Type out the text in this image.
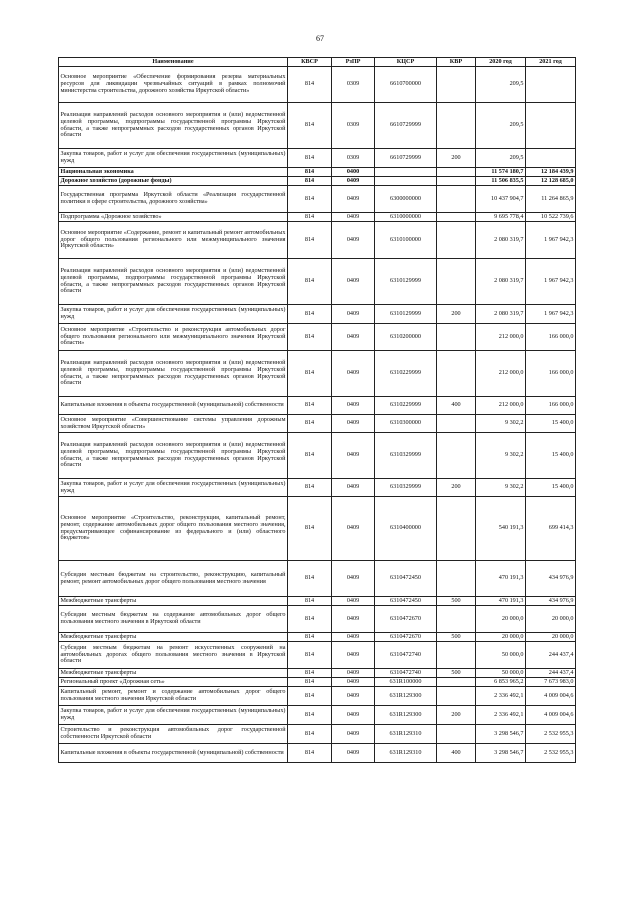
67
Наименование	КВСР	РзПР	КЦСР	КВР	2020 год	2021 год
Основное мероприятие «Обеспечение формирования резерва материальных ресурсов для ликвидации чрезвычайных ситуаций в рамках полномочий министерства строительства, дорожного хозяйства Иркутской области»	814	0309	6610700000		209,5	
Реализация направлений расходов основного мероприятия и (или) ведомственной целевой программы, подпрограммы государственной программы Иркутской области, а также непрограммных расходов государственных органов Иркутской области	814	0309	6610729999		209,5	
Закупка товаров, работ и услуг для обеспечения государственных (муниципальных) нужд	814	0309	6610729999	200	209,5	
Национальная экономика	814	0400			11 574 180,7	12 184 439,9
Дорожное хозяйство (дорожные фонды)	814	0409			11 506 835,5	12 128 685,0
Государственная программа Иркутской области «Реализация государственной политики в сфере строительства, дорожного хозяйства»	814	0409	6300000000		10 437 904,7	11 264 865,9
Подпрограмма «Дорожное хозяйство»	814	0409	6310000000		9 695 778,4	10 522 739,6
Основное мероприятие «Содержание, ремонт и капитальный ремонт автомобильных дорог общего пользования регионального или межмуниципального значения Иркутской области»	814	0409	6310100000		2 080 319,7	1 967 942,3
Реализация направлений расходов основного мероприятия и (или) ведомственной целевой программы, подпрограммы государственной программы Иркутской области, а также непрограммных расходов государственных органов Иркутской области	814	0409	6310129999		2 080 319,7	1 967 942,3
Закупка товаров, работ и услуг для обеспечения государственных (муниципальных) нужд	814	0409	6310129999	200	2 080 319,7	1 967 942,3
Основное мероприятие «Строительство и реконструкция автомобильных дорог общего пользования регионального или межмуниципального значения Иркутской области»	814	0409	6310200000		212 000,0	166 000,0
Реализация направлений расходов основного мероприятия и (или) ведомственной целевой программы, подпрограммы государственной программы Иркутской области, а также непрограммных расходов государственных органов Иркутской области	814	0409	6310229999		212 000,0	166 000,0
Капитальные вложения в объекты государственной (муниципальной) собственности	814	0409	6310229999	400	212 000,0	166 000,0
Основное мероприятие «Совершенствование системы управления дорожным хозяйством Иркутской области»	814	0409	6310300000		9 302,2	15 400,0
Реализация направлений расходов основного мероприятия и (или) ведомственной целевой программы, подпрограммы государственной программы Иркутской области, а также непрограммных расходов государственных органов Иркутской области	814	0409	6310329999		9 302,2	15 400,0
Закупка товаров, работ и услуг для обеспечения государственных (муниципальных) нужд	814	0409	6310329999	200	9 302,2	15 400,0
Основное мероприятие «Строительство, реконструкция, капитальный ремонт, ремонт, содержание автомобильных дорог общего пользования местного значения, предусматривающее софинансирование из федерального и (или) областного бюджетов»	814	0409	6310400000		540 191,3	699 414,3
Субсидия местным бюджетам на строительство, реконструкцию, капитальный ремонт, ремонт автомобильных дорог общего пользования местного значения	814	0409	6310472450		470 191,3	434 976,9
Межбюджетные трансферты	814	0409	6310472450	500	470 191,3	434 976,9
Субсидии местным бюджетам на содержание автомобильных дорог общего пользования местного значения в Иркутской области	814	0409	6310472670		20 000,0	20 000,0
Межбюджетные трансферты	814	0409	6310472670	500	20 000,0	20 000,0
Субсидии местным бюджетам на ремонт искусственных сооружений на автомобильных дорогах общего пользования местного значения в Иркутской области	814	0409	6310472740		50 000,0	244 437,4
Межбюджетные трансферты	814	0409	6310472740	500	50 000,0	244 437,4
Региональный проект «Дорожная сеть»	814	0409	631R100000		6 853 965,2	7 673 983,0
Капитальный ремонт, ремонт и содержание автомобильных дорог общего пользования местного значения Иркутской области	814	0409	631R129300		2 336 492,1	4 009 004,6
Закупка товаров, работ и услуг для обеспечения государственных (муниципальных) нужд	814	0409	631R129300	200	2 336 492,1	4 009 004,6
Строительство и реконструкция автомобильных дорог государственной собственности Иркутской области	814	0409	631R129310		3 298 546,7	2 532 955,3
Капитальные вложения в объекты государственной (муниципальной) собственности	814	0409	631R129310	400	3 298 546,7	2 532 955,3
